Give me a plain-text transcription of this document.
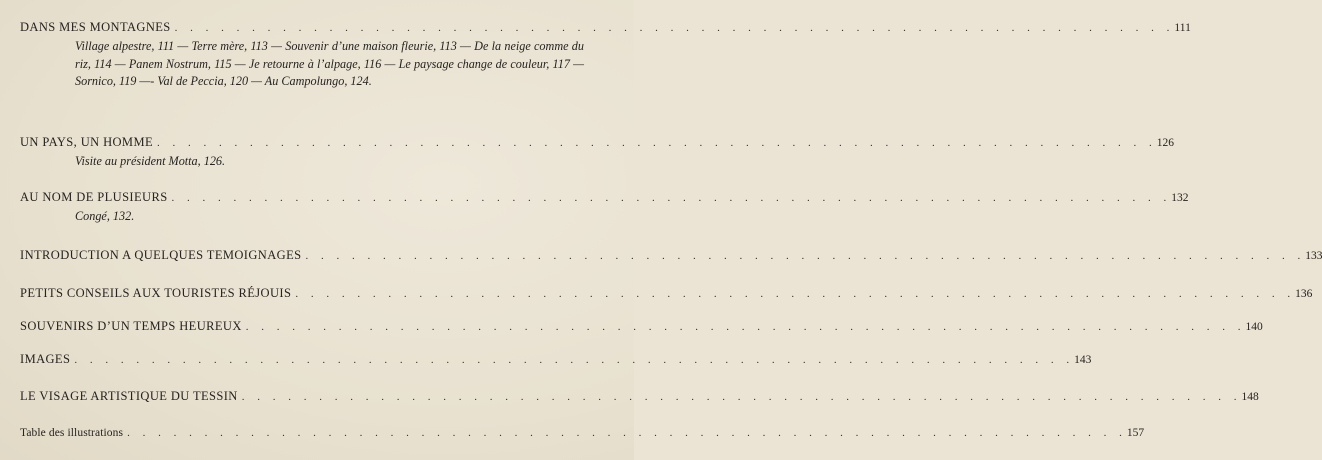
DANS MES MONTAGNES . . . . . . . . . . . . . . . . . . . . . . . . . . . . . . . . . . . . . . . . . . . . . . . . . . . . . . . . . . . . . . . . . 111
Village alpestre, 111 — Terre mère, 113 — Souvenir d’une maison fleurie, 113 — De la neige comme du riz, 114 — Panem Nostrum, 115 — Je retourne à l’alpage, 116 — Le paysage change de couleur, 117 — Sornico, 119 —- Val de Peccia, 120 — Au Campolungo, 124.
UN PAYS, UN HOMME . . . . . . . . . . . . . . . . . . . . . . . . . . . . . . . . . . . . . . . . . . . . . . . . . . . . . . . . . . . . . . . . . 126
Visite au président Motta, 126.
AU NOM DE PLUSIEURS . . . . . . . . . . . . . . . . . . . . . . . . . . . . . . . . . . . . . . . . . . . . . . . . . . . . . . . . . . . . . . . . . 132
Congé, 132.
INTRODUCTION A QUELQUES TEMOIGNAGES . . . . . . . . . . . . . . . . . . . . . . . . . . . . . . . . . . . . . . . . . . . . . . . . . . . . . . . . . . . . . . . . . 133
PETITS CONSEILS AUX TOURISTES RÉJOUIS . . . . . . . . . . . . . . . . . . . . . . . . . . . . . . . . . . . . . . . . . . . . . . . . . . . . . . . . . . . . . . . . . 136
SOUVENIRS D’UN TEMPS HEUREUX . . . . . . . . . . . . . . . . . . . . . . . . . . . . . . . . . . . . . . . . . . . . . . . . . . . . . . . . . . . . . . . . . 140
IMAGES . . . . . . . . . . . . . . . . . . . . . . . . . . . . . . . . . . . . . . . . . . . . . . . . . . . . . . . . . . . . . . . . . 143
LE VISAGE ARTISTIQUE DU TESSIN . . . . . . . . . . . . . . . . . . . . . . . . . . . . . . . . . . . . . . . . . . . . . . . . . . . . . . . . . . . . . . . . . 148
Table des illustrations . . . . . . . . . . . . . . . . . . . . . . . . . . . . . . . . . . . . . . . . . . . . . . . . . . . . . . . . . . . . . . . . . 157
